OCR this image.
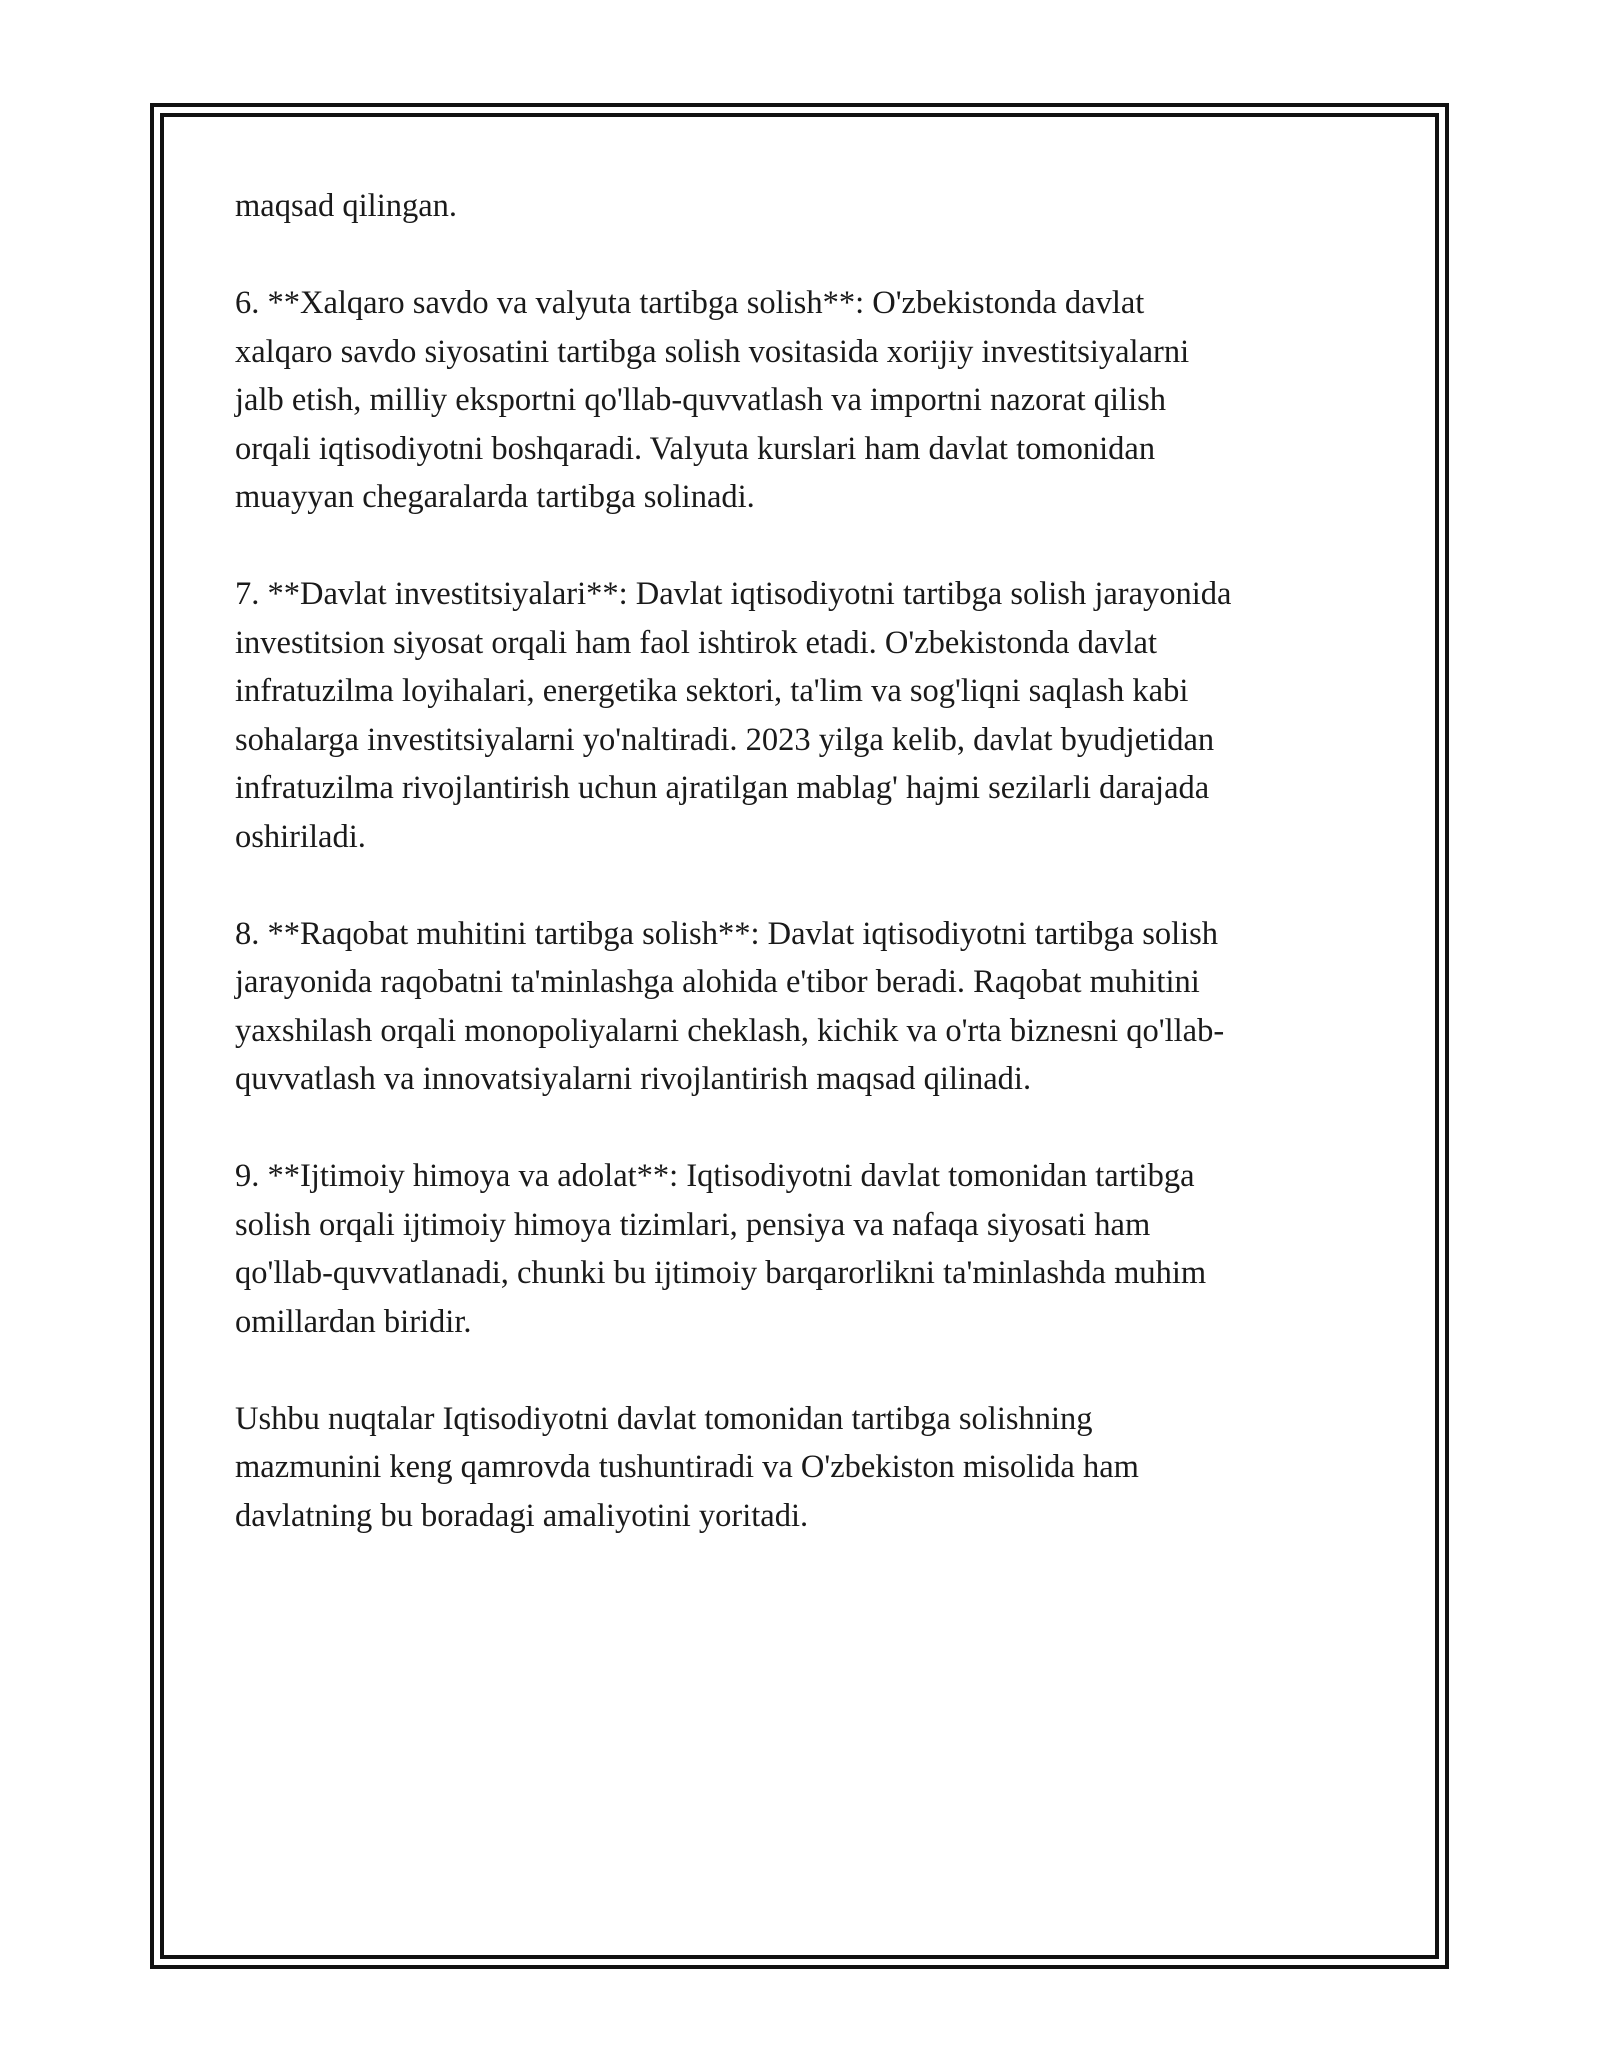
maqsad qilingan.

6. **Xalqaro savdo va valyuta tartibga solish**: O'zbekistonda davlat
xalqaro savdo siyosatini tartibga solish vositasida xorijiy investitsiyalarni
jalb etish, milliy eksportni qo'llab-quvvatlash va importni nazorat qilish
orqali iqtisodiyotni boshqaradi. Valyuta kurslari ham davlat tomonidan
muayyan chegaralarda tartibga solinadi.

7. **Davlat investitsiyalari**: Davlat iqtisodiyotni tartibga solish jarayonida
investitsion siyosat orqali ham faol ishtirok etadi. O'zbekistonda davlat
infratuzilma loyihalari, energetika sektori, ta'lim va sog'liqni saqlash kabi
sohalarga investitsiyalarni yo'naltiradi. 2023 yilga kelib, davlat byudjetidan
infratuzilma rivojlantirish uchun ajratilgan mablag' hajmi sezilarli darajada
oshiriladi.

8. **Raqobat muhitini tartibga solish**: Davlat iqtisodiyotni tartibga solish
jarayonida raqobatni ta'minlashga alohida e'tibor beradi. Raqobat muhitini
yaxshilash orqali monopoliyalarni cheklash, kichik va o'rta biznesni qo'llab-
quvvatlash va innovatsiyalarni rivojlantirish maqsad qilinadi.

9. **Ijtimoiy himoya va adolat**: Iqtisodiyotni davlat tomonidan tartibga
solish orqali ijtimoiy himoya tizimlari, pensiya va nafaqa siyosati ham
qo'llab-quvvatlanadi, chunki bu ijtimoiy barqarorlikni ta'minlashda muhim
omillardan biridir.

Ushbu nuqtalar Iqtisodiyotni davlat tomonidan tartibga solishning
mazmunini keng qamrovda tushuntiradi va O'zbekiston misolida ham
davlatning bu boradagi amaliyotini yoritadi.
